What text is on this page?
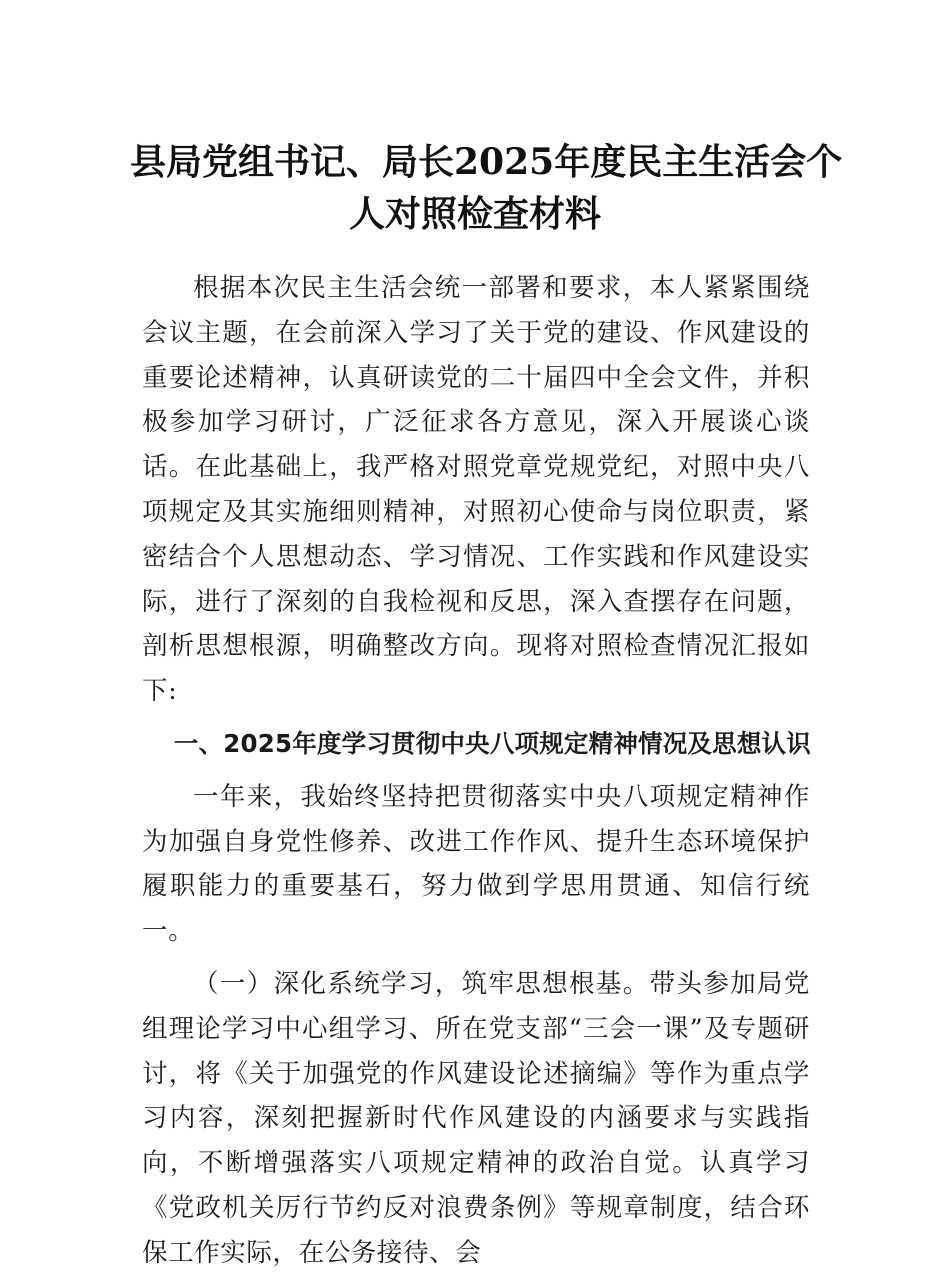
县局党组书记、局长2025年度民主生活会个
人对照检查材料

根据本次民主生活会统一部署和要求，本人紧紧围绕会议主题，在会前深入学习了关于党的建设、作风建设的重要论述精神，认真研读党的二十届四中全会文件，并积极参加学习研讨，广泛征求各方意见，深入开展谈心谈话。在此基础上，我严格对照党章党规党纪，对照中央八项规定及其实施细则精神，对照初心使命与岗位职责，紧密结合个人思想动态、学习情况、工作实践和作风建设实际，进行了深刻的自我检视和反思，深入查摆存在问题，剖析思想根源，明确整改方向。现将对照检查情况汇报如下:

一、2025年度学习贯彻中央八项规定精神情况及思想认识

一年来，我始终坚持把贯彻落实中央八项规定精神作为加强自身党性修养、改进工作作风、提升生态环境保护履职能力的重要基石，努力做到学思用贯通、知信行统一。

（一）深化系统学习，筑牢思想根基。带头参加局党组理论学习中心组学习、所在党支部“三会一课”及专题研讨，将《关于加强党的作风建设论述摘编》等作为重点学习内容，深刻把握新时代作风建设的内涵要求与实践指向，不断增强落实八项规定精神的政治自觉。认真学习《党政机关厉行节约反对浪费条例》等规章制度，结合环保工作实际，在公务接待、会
